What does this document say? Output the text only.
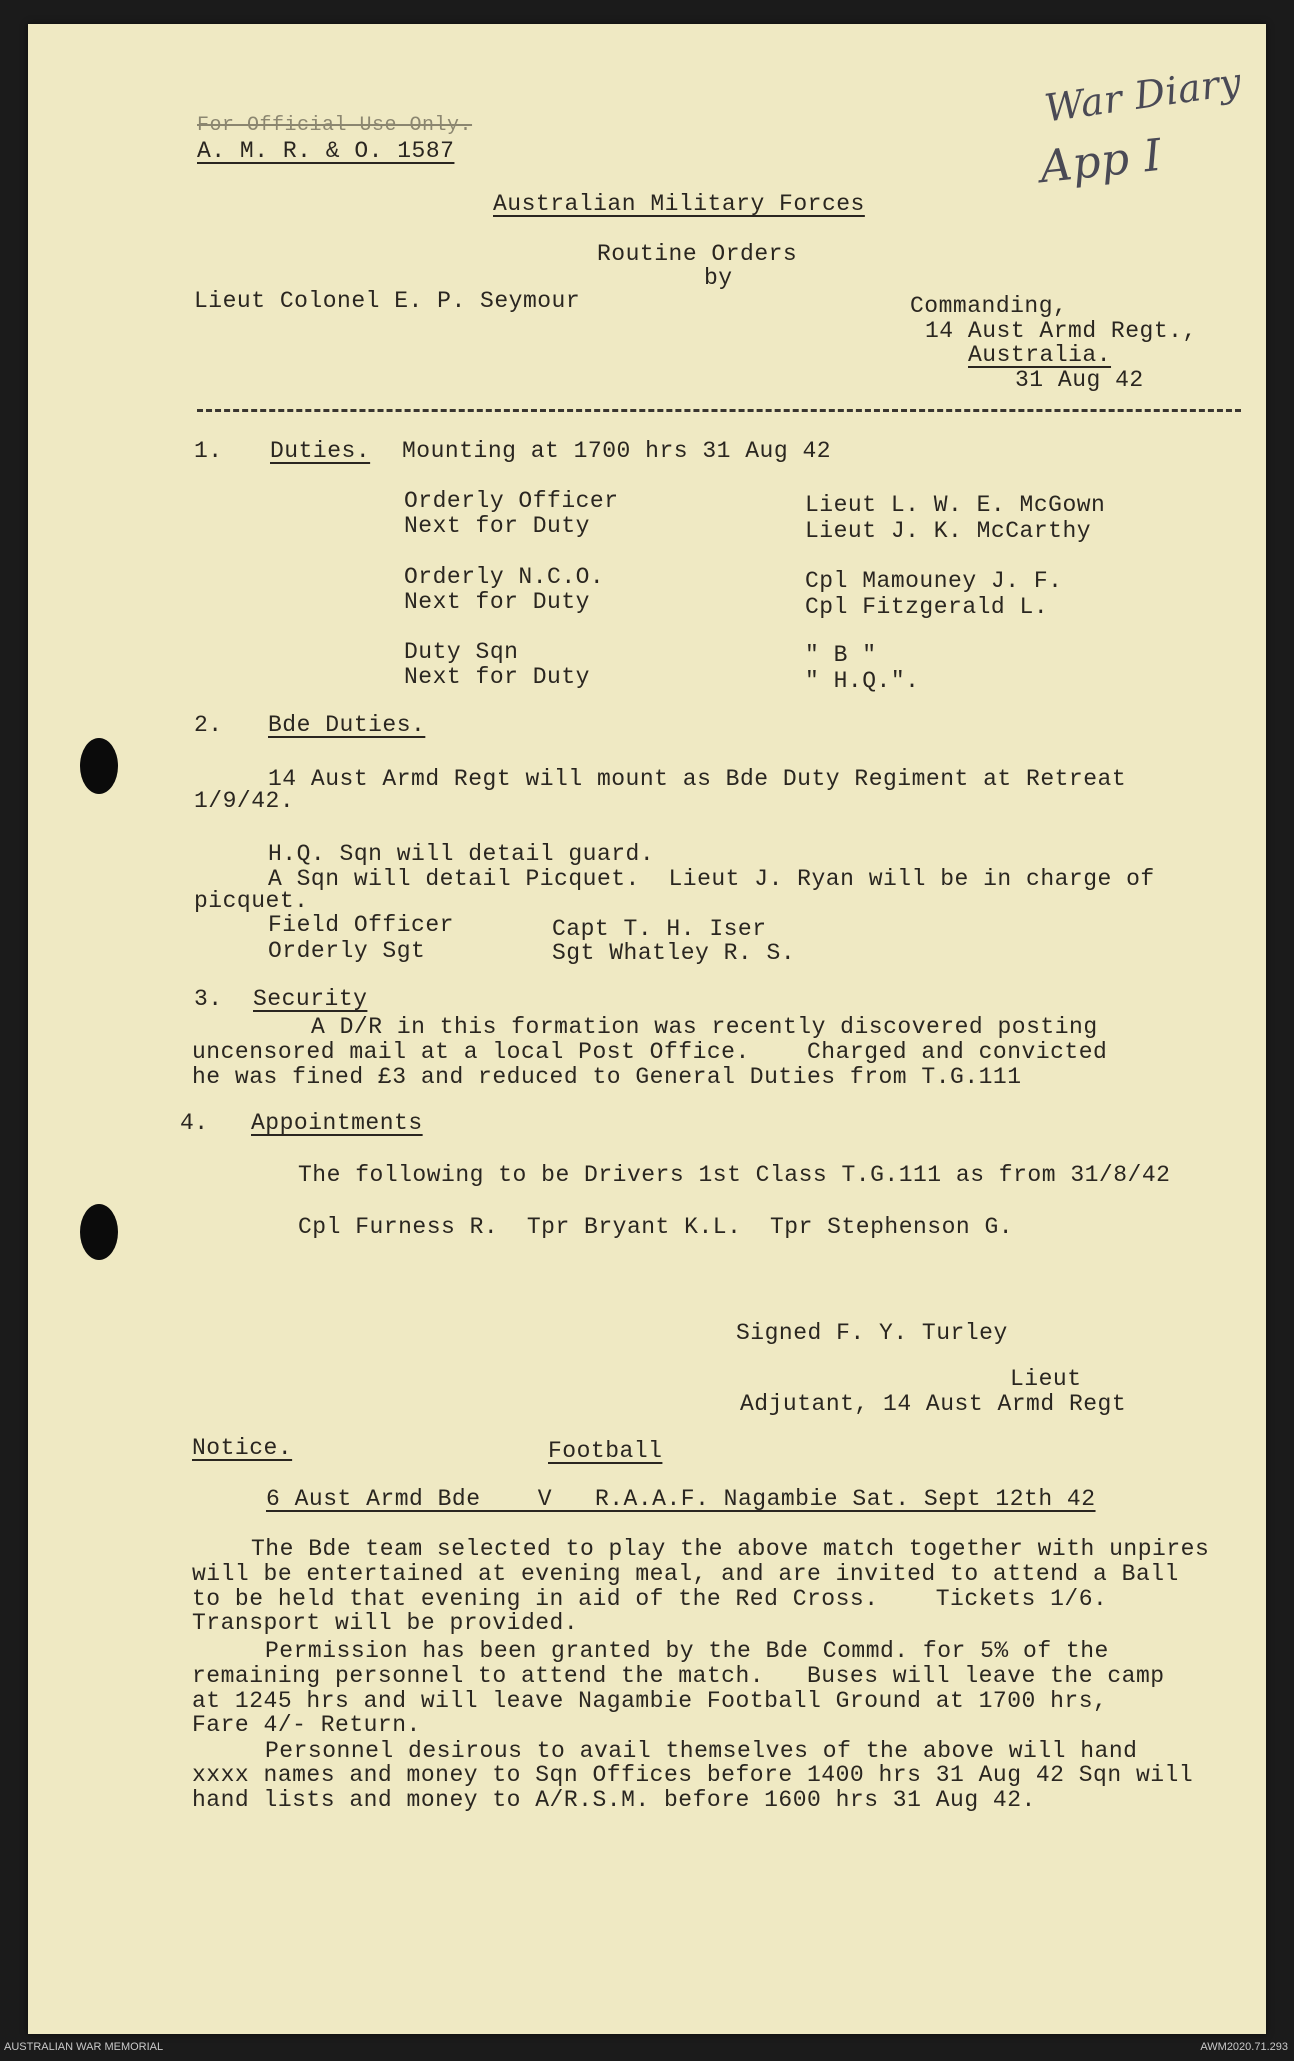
For Official Use Only.
A. M. R. & O. 1587
War Diary
App I
Australian Military Forces
Routine Orders
by
Lieut Colonel E. P. Seymour	Commanding,
14 Aust Armd Regt.,
Australia.
31 Aug 42
1. Duties. Mounting at 1700 hrs 31 Aug 42
Orderly Officer	Lieut L. W. E. McGown
Next for Duty	Lieut J. K. McCarthy
Orderly N.C.O.	Cpl Mamouney J. F.
Next for Duty	Cpl Fitzgerald L.
Duty Sqn	" B "
Next for Duty	" H.Q.".
2. Bde Duties.
14 Aust Armd Regt will mount as Bde Duty Regiment at Retreat
1/9/42.
H.Q. Sqn will detail guard.
A Sqn will detail Picquet.  Lieut J. Ryan will be in charge of
picquet.
Field Officer	Capt T. H. Iser
Orderly Sgt	Sgt Whatley R. S.
3. Security
A D/R in this formation was recently discovered posting
uncensored mail at a local Post Office.    Charged and convicted
he was fined £3 and reduced to General Duties from T.G.111
4. Appointments
The following to be Drivers 1st Class T.G.111 as from 31/8/42
Cpl Furness R.  Tpr Bryant K.L.  Tpr Stephenson G.
Signed F. Y. Turley
Lieut
Adjutant, 14 Aust Armd Regt
Notice.	Football
6 Aust Armd Bde    V   R.A.A.F. Nagambie Sat. Sept 12th 42
The Bde team selected to play the above match together with unpires
will be entertained at evening meal, and are invited to attend a Ball
to be held that evening in aid of the Red Cross.    Tickets 1/6.
Transport will be provided.
Permission has been granted by the Bde Commd. for 5% of the
remaining personnel to attend the match.   Buses will leave the camp
at 1245 hrs and will leave Nagambie Football Ground at 1700 hrs,
Fare 4/- Return.
Personnel desirous to avail themselves of the above will hand
xxxx names and money to Sqn Offices before 1400 hrs 31 Aug 42 Sqn will
hand lists and money to A/R.S.M. before 1600 hrs 31 Aug 42.
AUSTRALIAN WAR MEMORIAL	AWM2020.71.293
